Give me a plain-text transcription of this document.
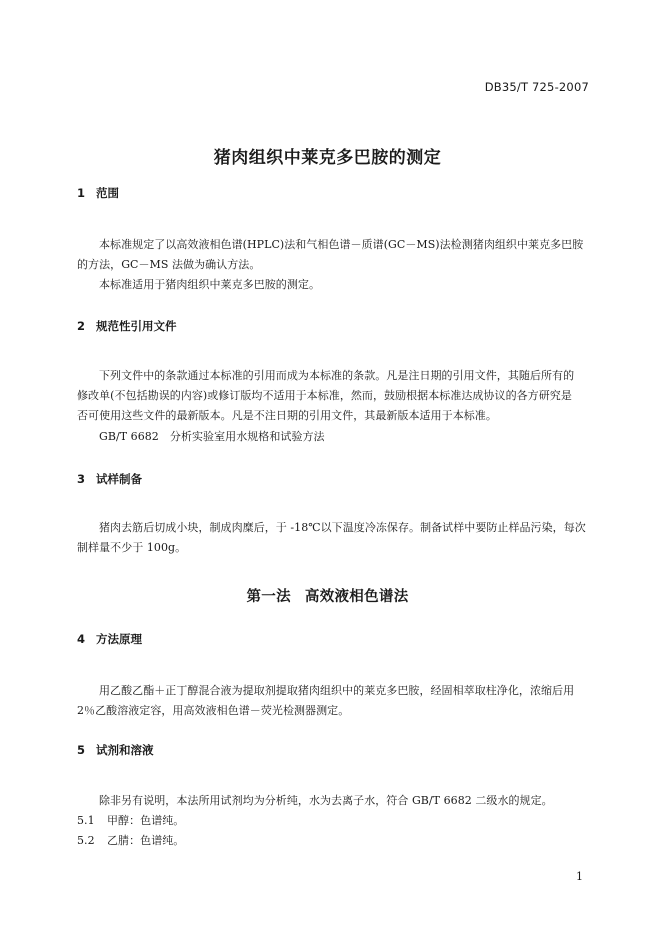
DB35/T 725-2007
猪肉组织中莱克多巴胺的测定
1 范围
本标准规定了以高效液相色谱(HPLC)法和气相色谱－质谱(GC－MS)法检测猪肉组织中莱克多巴胺
的方法，GC－MS 法做为确认方法。
本标准适用于猪肉组织中莱克多巴胺的测定。
2 规范性引用文件
下列文件中的条款通过本标准的引用而成为本标准的条款。凡是注日期的引用文件，其随后所有的
修改单(不包括勘误的内容)或修订版均不适用于本标准，然而，鼓励根据本标准达成协议的各方研究是
否可使用这些文件的最新版本。凡是不注日期的引用文件，其最新版本适用于本标准。
GB/T 6682　分析实验室用水规格和试验方法
3 试样制备
猪肉去筋后切成小块，制成肉糜后，于 -18℃以下温度冷冻保存。制备试样中要防止样品污染，每次
制样量不少于 100g。
第一法 高效液相色谱法
4 方法原理
用乙酸乙酯＋正丁醇混合液为提取剂提取猪肉组织中的莱克多巴胺，经固相萃取柱净化，浓缩后用
2％乙酸溶液定容，用高效液相色谱－荧光检测器测定。
5 试剂和溶液
除非另有说明，本法所用试剂均为分析纯，水为去离子水，符合 GB/T 6682 二级水的规定。
5.1 甲醇：色谱纯。
5.2 乙腈：色谱纯。
1
